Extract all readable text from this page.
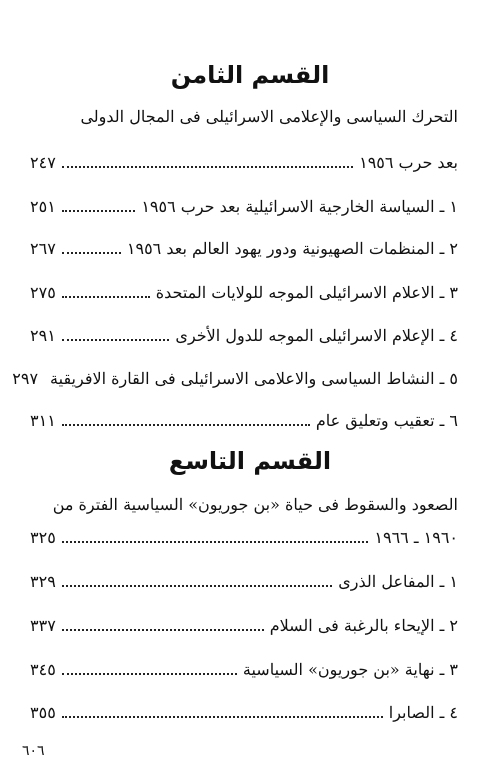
القسم الثامن
التحرك السياسى والإعلامى الاسرائيلى فى المجال الدولى
بعد حرب ١٩٥٦
٢٤٧
١ ـ السياسة الخارجية الاسرائيلية بعد حرب ١٩٥٦
٢٥١
٢ ـ المنظمات الصهيونية ودور يهود العالم بعد ١٩٥٦
٢٦٧
٣ ـ الاعلام الاسرائيلى الموجه للولايات المتحدة
٢٧٥
٤ ـ الإعلام الاسرائيلى الموجه للدول الأخرى
٢٩١
٥ ـ النشاط السياسى والاعلامى الاسرائيلى فى القارة الافريقية
٢٩٧
٦ ـ تعقيب وتعليق عام
٣١١
القسم التاسع
الصعود والسقوط فى حياة «بن جوريون» السياسية الفترة من
١٩٦٠ ـ ١٩٦٦
٣٢٥
١ ـ المفاعل الذرى
٣٢٩
٢ ـ الإيحاء بالرغبة فى السلام
٣٣٧
٣ ـ نهاية «بن جوريون» السياسية
٣٤٥
٤ ـ الصابرا
٣٥٥
٦٠٦
